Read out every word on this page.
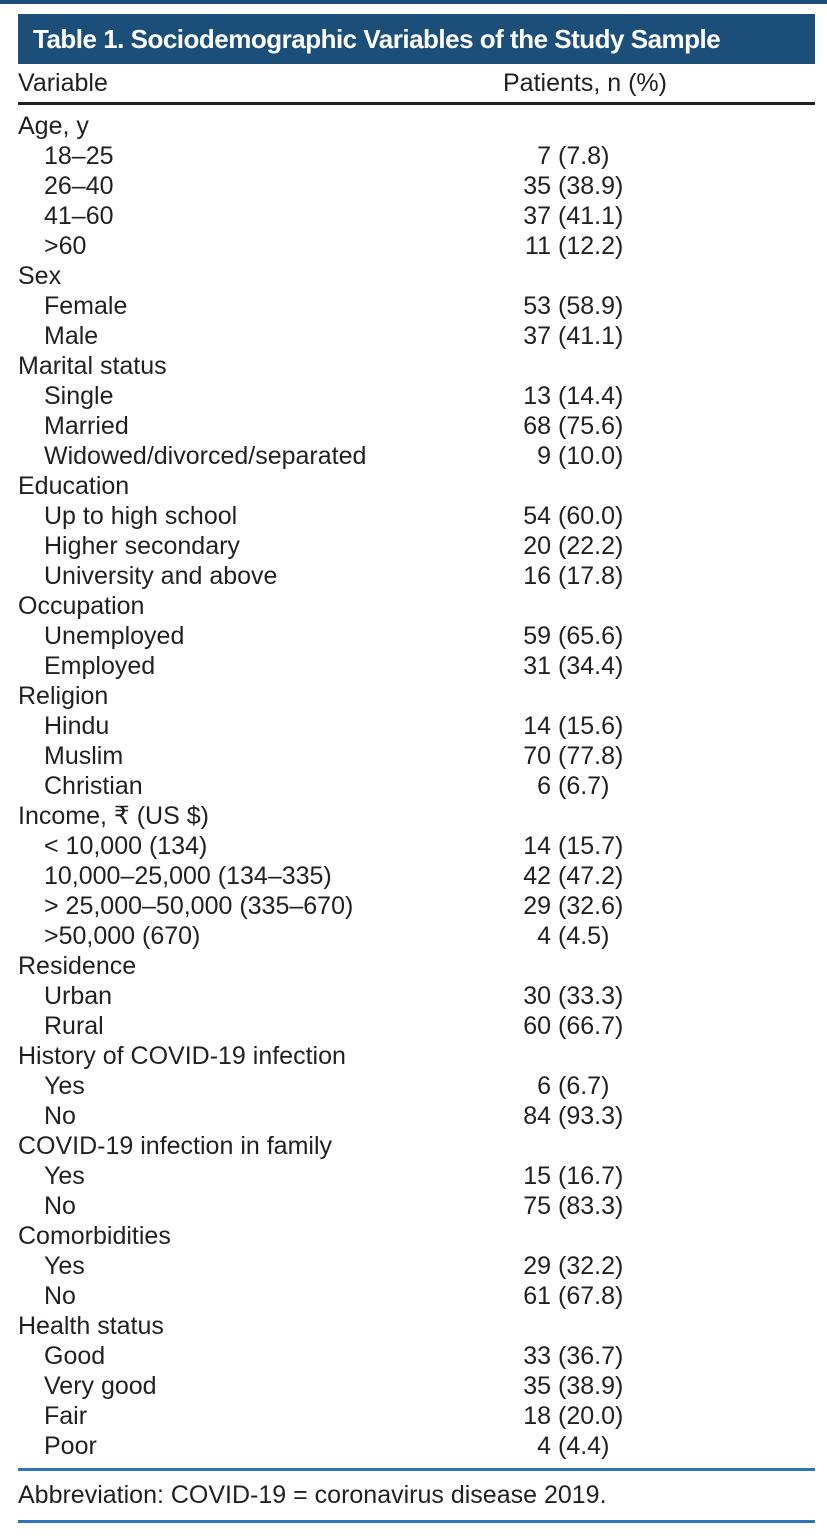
Table 1. Sociodemographic Variables of the Study Sample
Variable	Patients, n (%)
Age, y
18–25	7 (7.8)
26–40	35 (38.9)
41–60	37 (41.1)
>60	11 (12.2)
Sex
Female	53 (58.9)
Male	37 (41.1)
Marital status
Single	13 (14.4)
Married	68 (75.6)
Widowed/divorced/separated	9 (10.0)
Education
Up to high school	54 (60.0)
Higher secondary	20 (22.2)
University and above	16 (17.8)
Occupation
Unemployed	59 (65.6)
Employed	31 (34.4)
Religion
Hindu	14 (15.6)
Muslim	70 (77.8)
Christian	6 (6.7)
Income, ₹ (US $)
< 10,000 (134)	14 (15.7)
10,000–25,000 (134–335)	42 (47.2)
> 25,000–50,000 (335–670)	29 (32.6)
>50,000 (670)	4 (4.5)
Residence
Urban	30 (33.3)
Rural	60 (66.7)
History of COVID-19 infection
Yes	6 (6.7)
No	84 (93.3)
COVID-19 infection in family
Yes	15 (16.7)
No	75 (83.3)
Comorbidities
Yes	29 (32.2)
No	61 (67.8)
Health status
Good	33 (36.7)
Very good	35 (38.9)
Fair	18 (20.0)
Poor	4 (4.4)
Abbreviation: COVID-19 = coronavirus disease 2019.
